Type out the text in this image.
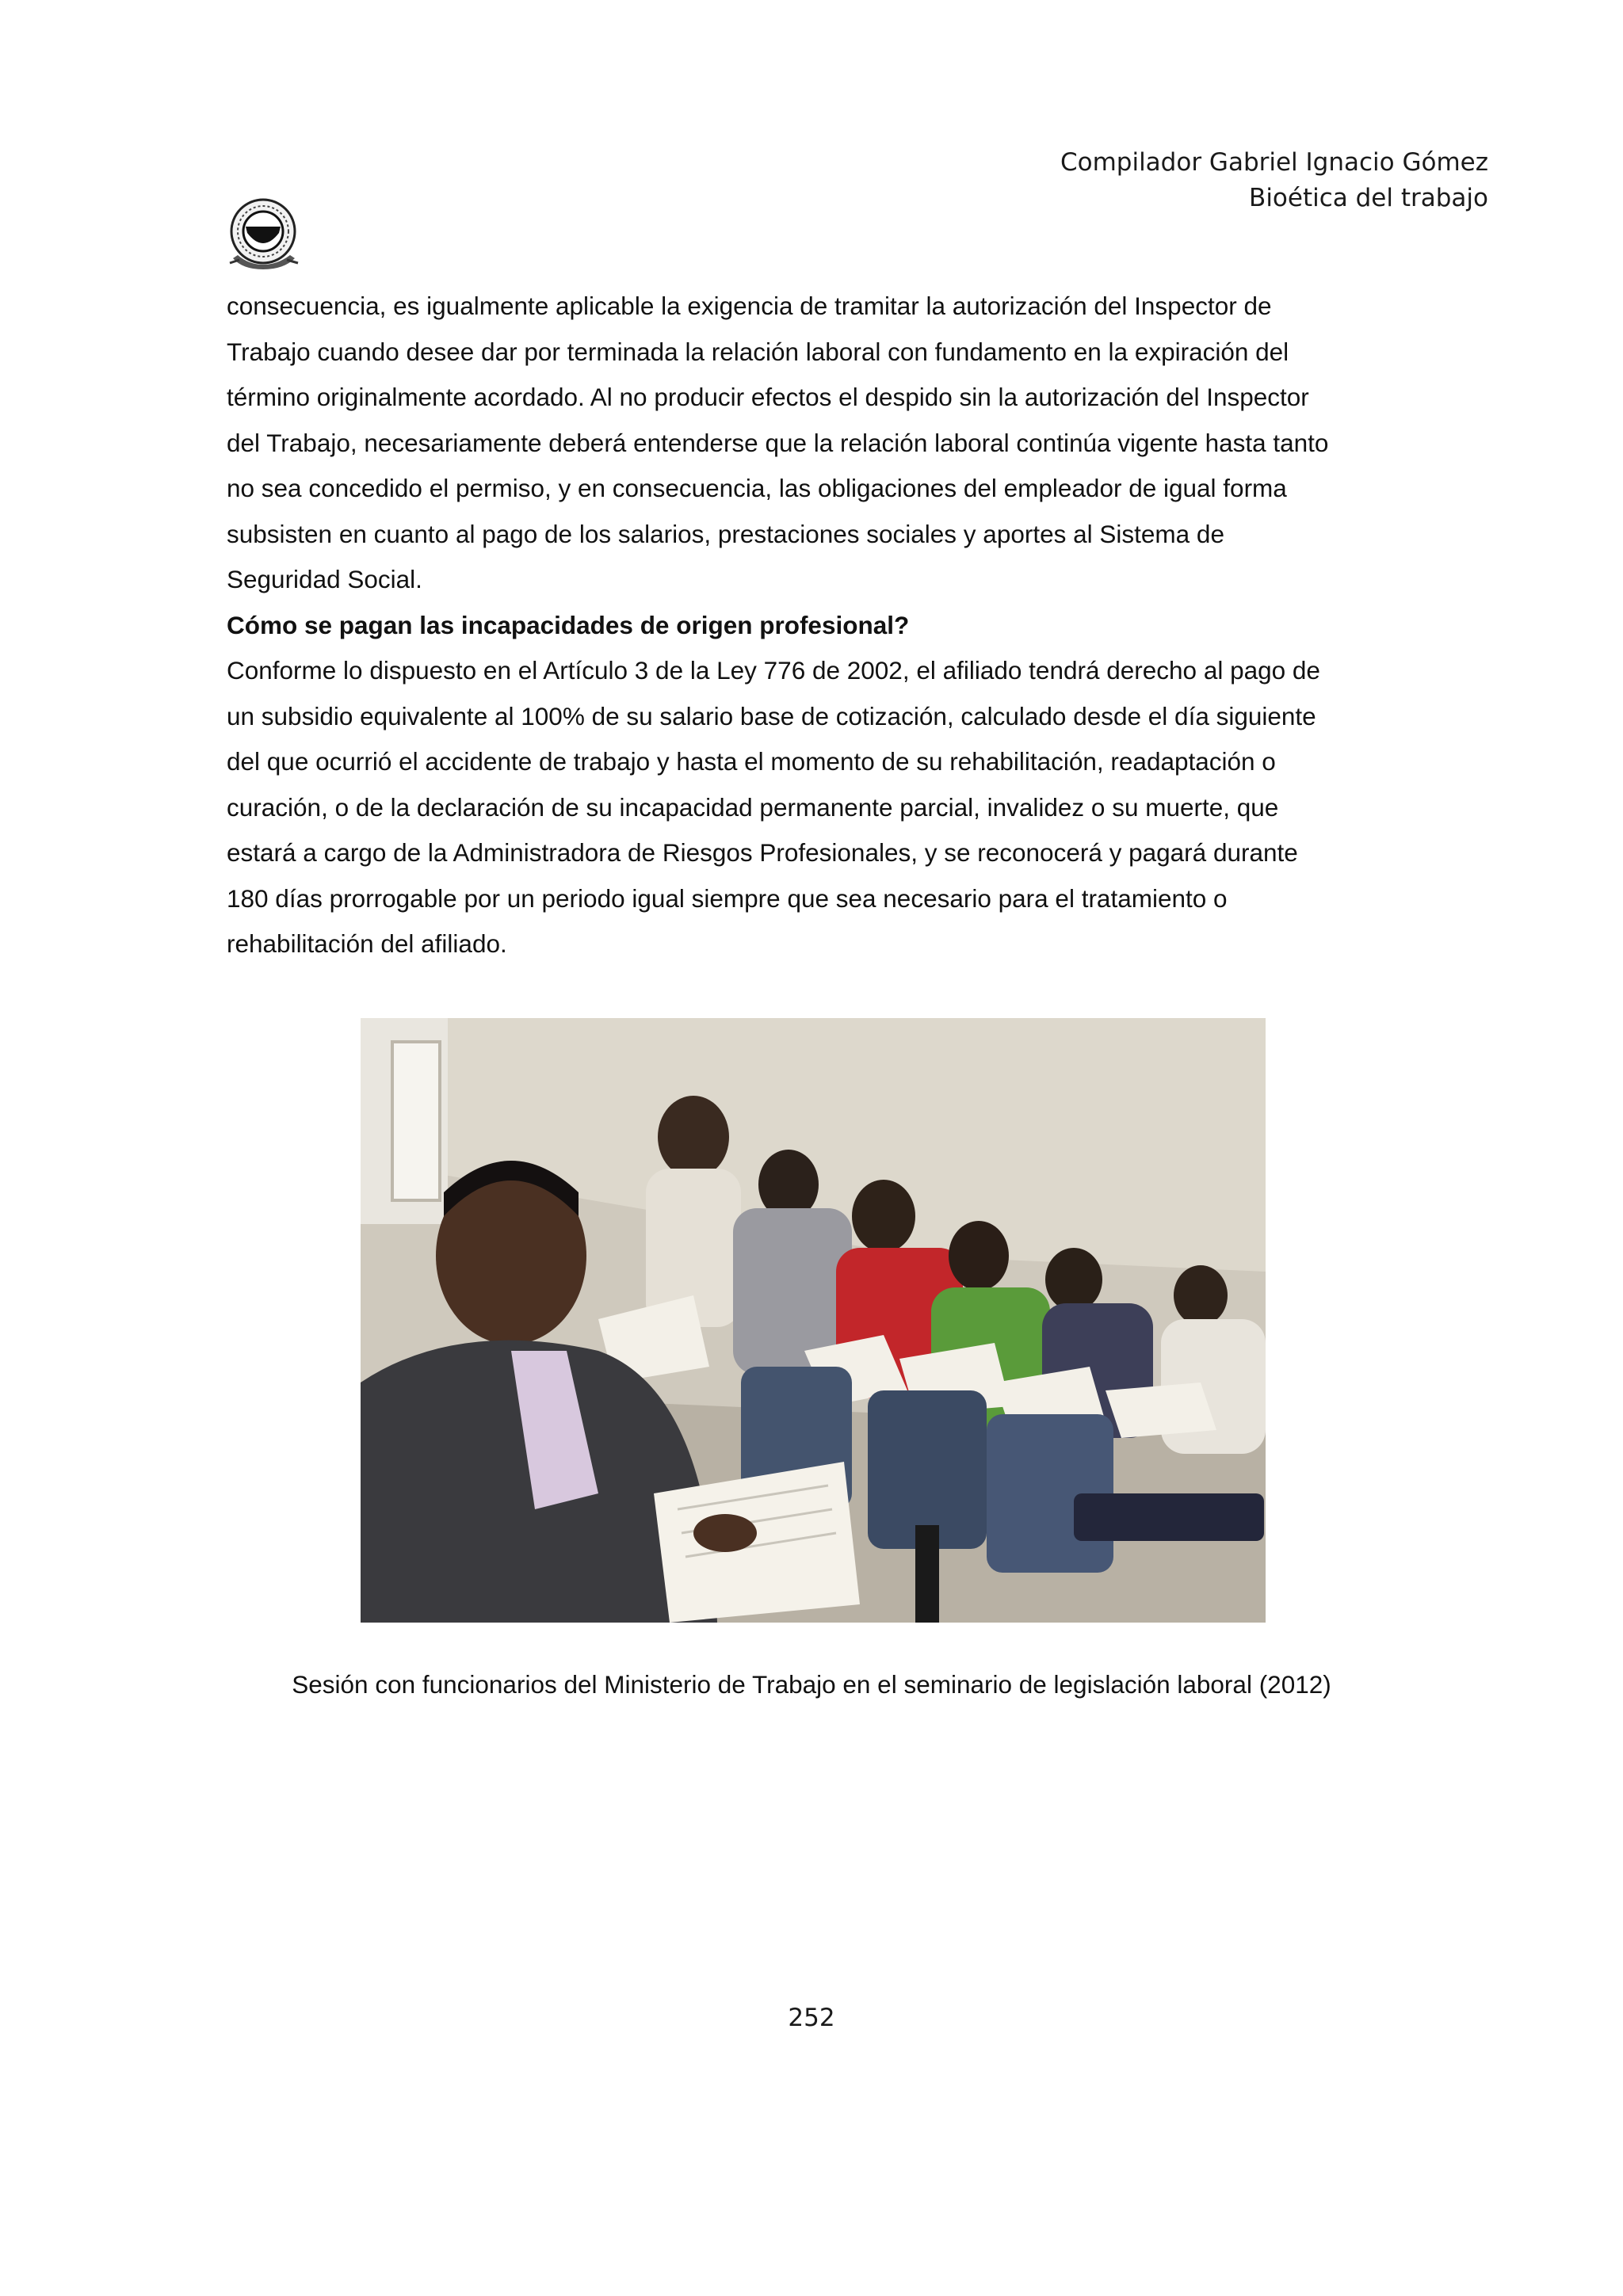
Compilador Gabriel Ignacio Gómez
Bioética del trabajo

consecuencia, es igualmente aplicable la exigencia de tramitar la autorización del Inspector de

Trabajo cuando desee dar por terminada la relación laboral con fundamento en la expiración del

término originalmente acordado. Al no producir efectos el despido sin la autorización del Inspector

del Trabajo, necesariamente deberá entenderse que la relación laboral continúa vigente hasta tanto

no sea concedido el permiso, y en consecuencia, las obligaciones del empleador de igual forma

subsisten en cuanto al pago de los salarios, prestaciones sociales y aportes al Sistema de

Seguridad Social.

Cómo se pagan las incapacidades de origen profesional?

Conforme lo dispuesto en el Artículo 3 de la Ley 776 de 2002, el afiliado tendrá derecho al pago de

un subsidio equivalente al 100% de su salario base de cotización, calculado desde el día siguiente

del que ocurrió el accidente de trabajo y hasta el momento de su rehabilitación, readaptación o

curación, o de la declaración de su incapacidad permanente parcial, invalidez o su muerte, que

estará a cargo de la Administradora de Riesgos Profesionales, y se reconocerá y pagará durante

180 días prorrogable por un periodo igual siempre que sea necesario para el tratamiento o

rehabilitación del afiliado.

Sesión con funcionarios del Ministerio de Trabajo en el seminario de legislación laboral (2012)
252
